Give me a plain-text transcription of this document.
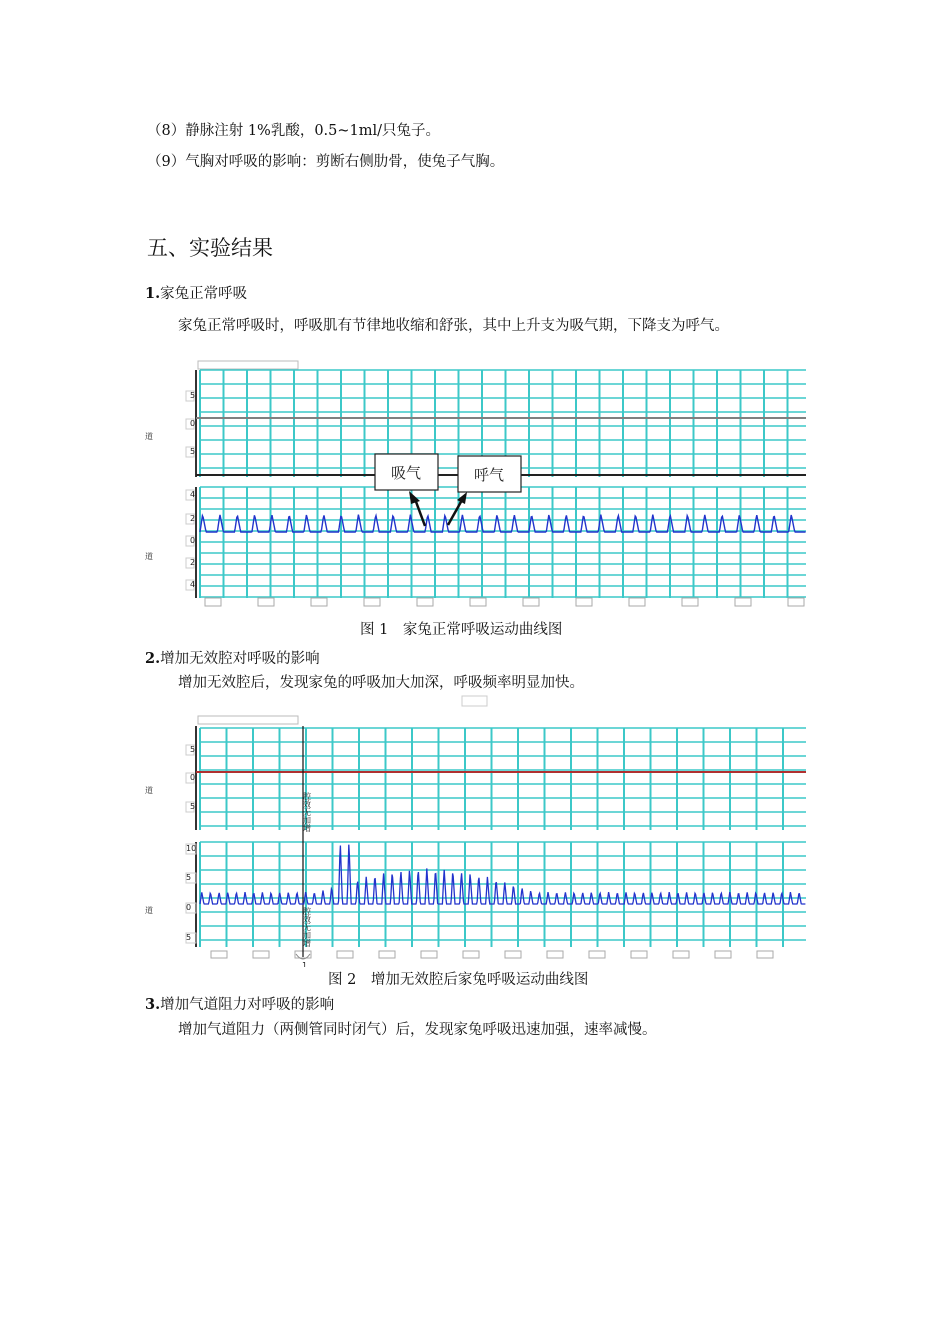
（8）静脉注射 1%乳酸，0.5~1ml/只兔子。
（9）气胸对呼吸的影响：剪断右侧肋骨，使兔子气胸。
五、实验结果
1.家兔正常呼吸
家兔正常呼吸时，呼吸肌有节律地收缩和舒张，其中上升支为吸气期，下降支为呼气。
5
0
5
道
4
2
0
2
4
道
吸气	呼气
图 1　家兔正常呼吸运动曲线图
2.增加无效腔对呼吸的影响
增加无效腔后，发现家兔的呼吸加大加深，呼吸频率明显加快。
5
0
5
道
10
5
0
5
道
腔效无加增
腔效无加增
1
图 2　增加无效腔后家兔呼吸运动曲线图
3.增加气道阻力对呼吸的影响
增加气道阻力（两侧管同时闭气）后，发现家兔呼吸迅速加强，速率减慢。
